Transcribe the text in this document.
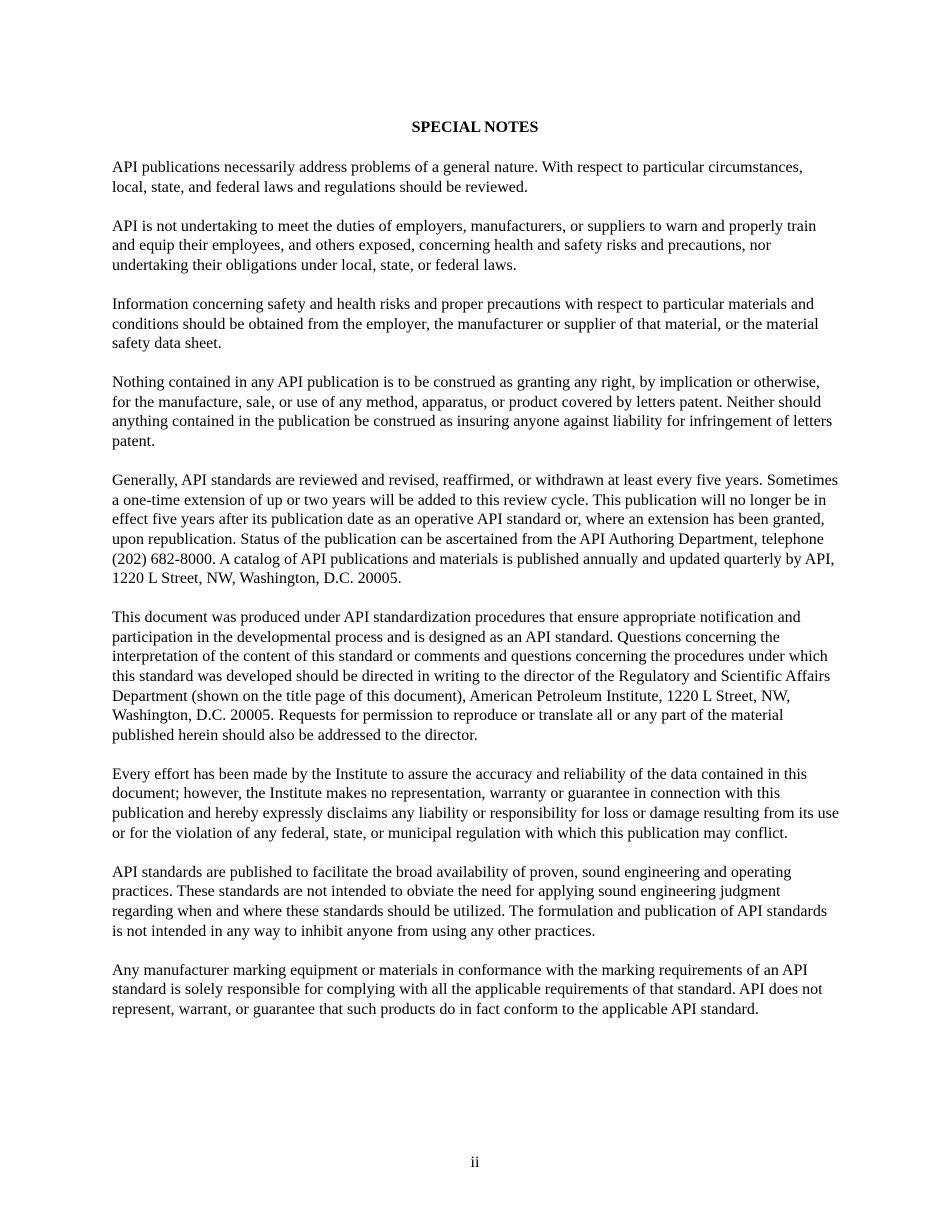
SPECIAL NOTES

API publications necessarily address problems of a general nature. With respect to particular circumstances, local, state, and federal laws and regulations should be reviewed.

API is not undertaking to meet the duties of employers, manufacturers, or suppliers to warn and properly train and equip their employees, and others exposed, concerning health and safety risks and precautions, nor undertaking their obligations under local, state, or federal laws.

Information concerning safety and health risks and proper precautions with respect to particular materials and conditions should be obtained from the employer, the manufacturer or supplier of that material, or the material safety data sheet.

Nothing contained in any API publication is to be construed as granting any right, by implication or otherwise, for the manufacture, sale, or use of any method, apparatus, or product covered by letters patent. Neither should anything contained in the publication be construed as insuring anyone against liability for infringement of letters patent.

Generally, API standards are reviewed and revised, reaffirmed, or withdrawn at least every five years. Sometimes a one-time extension of up or two years will be added to this review cycle. This publication will no longer be in effect five years after its publication date as an operative API standard or, where an extension has been granted, upon republication. Status of the publication can be ascertained from the API Authoring Department, telephone (202) 682-8000. A catalog of API publications and materials is published annually and updated quarterly by API, 1220 L Street, NW, Washington, D.C. 20005.

This document was produced under API standardization procedures that ensure appropriate notification and participation in the developmental process and is designed as an API standard. Questions concerning the interpretation of the content of this standard or comments and questions concerning the procedures under which this standard was developed should be directed in writing to the director of the Regulatory and Scientific Affairs Department (shown on the title page of this document), American Petroleum Institute, 1220 L Street, NW, Washington, D.C. 20005. Requests for permission to reproduce or translate all or any part of the material published herein should also be addressed to the director.

Every effort has been made by the Institute to assure the accuracy and reliability of the data contained in this document; however, the Institute makes no representation, warranty or guarantee in connection with this publication and hereby expressly disclaims any liability or responsibility for loss or damage resulting from its use or for the violation of any federal, state, or municipal regulation with which this publication may conflict.

API standards are published to facilitate the broad availability of proven, sound engineering and operating practices. These standards are not intended to obviate the need for applying sound engineering judgment regarding when and where these standards should be utilized. The formulation and publication of API standards is not intended in any way to inhibit anyone from using any other practices.

Any manufacturer marking equipment or materials in conformance with the marking requirements of an API standard is solely responsible for complying with all the applicable requirements of that standard. API does not represent, warrant, or guarantee that such products do in fact conform to the applicable API standard.

ii
